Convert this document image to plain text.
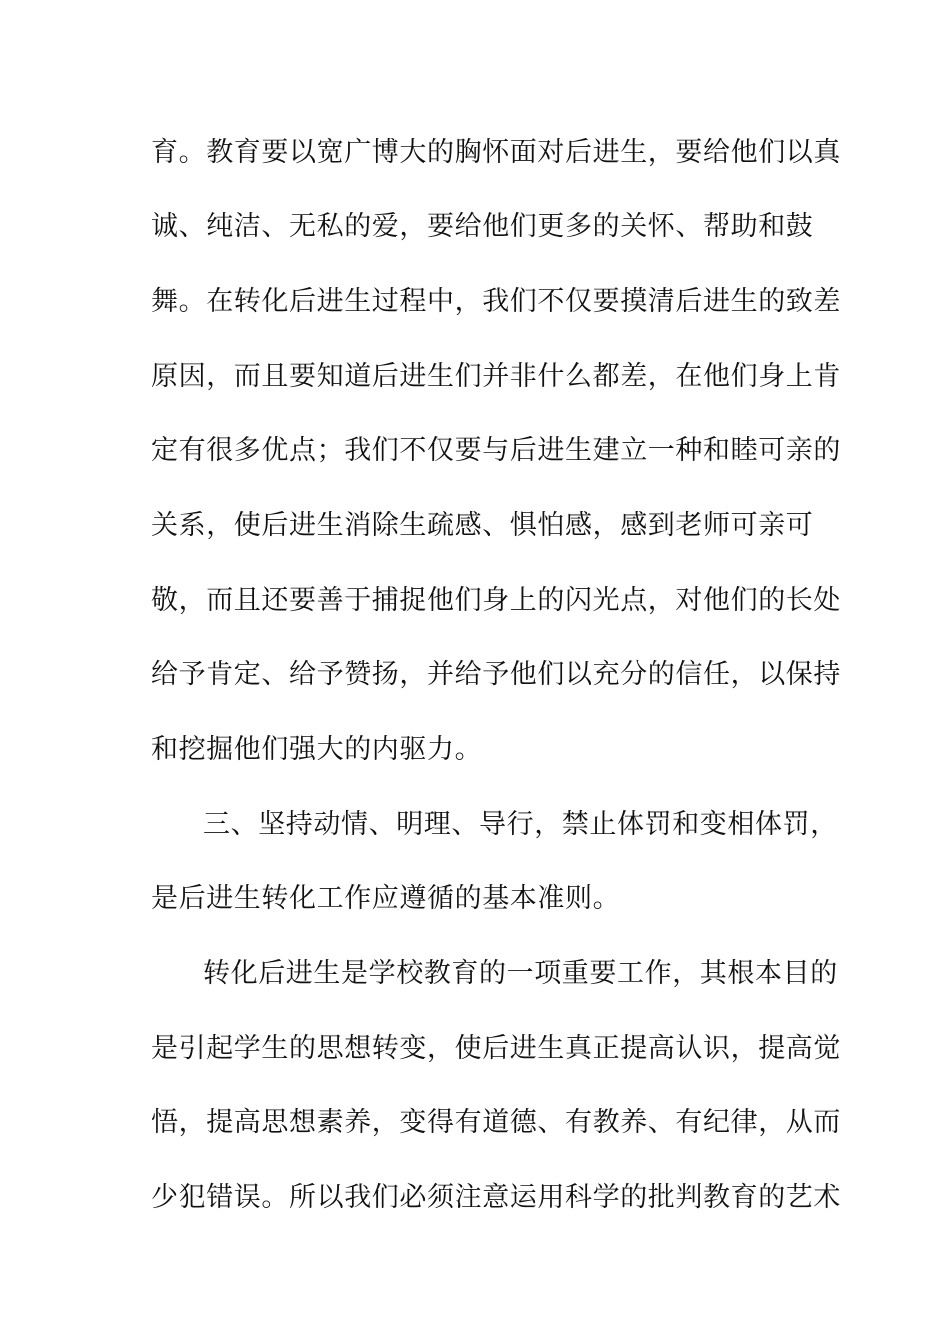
育。教育要以宽广博大的胸怀面对后进生，要给他们以真
诚、纯洁、无私的爱，要给他们更多的关怀、帮助和鼓
舞。在转化后进生过程中，我们不仅要摸清后进生的致差
原因，而且要知道后进生们并非什么都差，在他们身上肯
定有很多优点；我们不仅要与后进生建立一种和睦可亲的
关系，使后进生消除生疏感、惧怕感，感到老师可亲可
敬，而且还要善于捕捉他们身上的闪光点，对他们的长处
给予肯定、给予赞扬，并给予他们以充分的信任，以保持
和挖掘他们强大的内驱力。
三、坚持动情、明理、导行，禁止体罚和变相体罚，
是后进生转化工作应遵循的基本准则。
转化后进生是学校教育的一项重要工作，其根本目的
是引起学生的思想转变，使后进生真正提高认识，提高觉
悟，提高思想素养，变得有道德、有教养、有纪律，从而
少犯错误。所以我们必须注意运用科学的批判教育的艺术
